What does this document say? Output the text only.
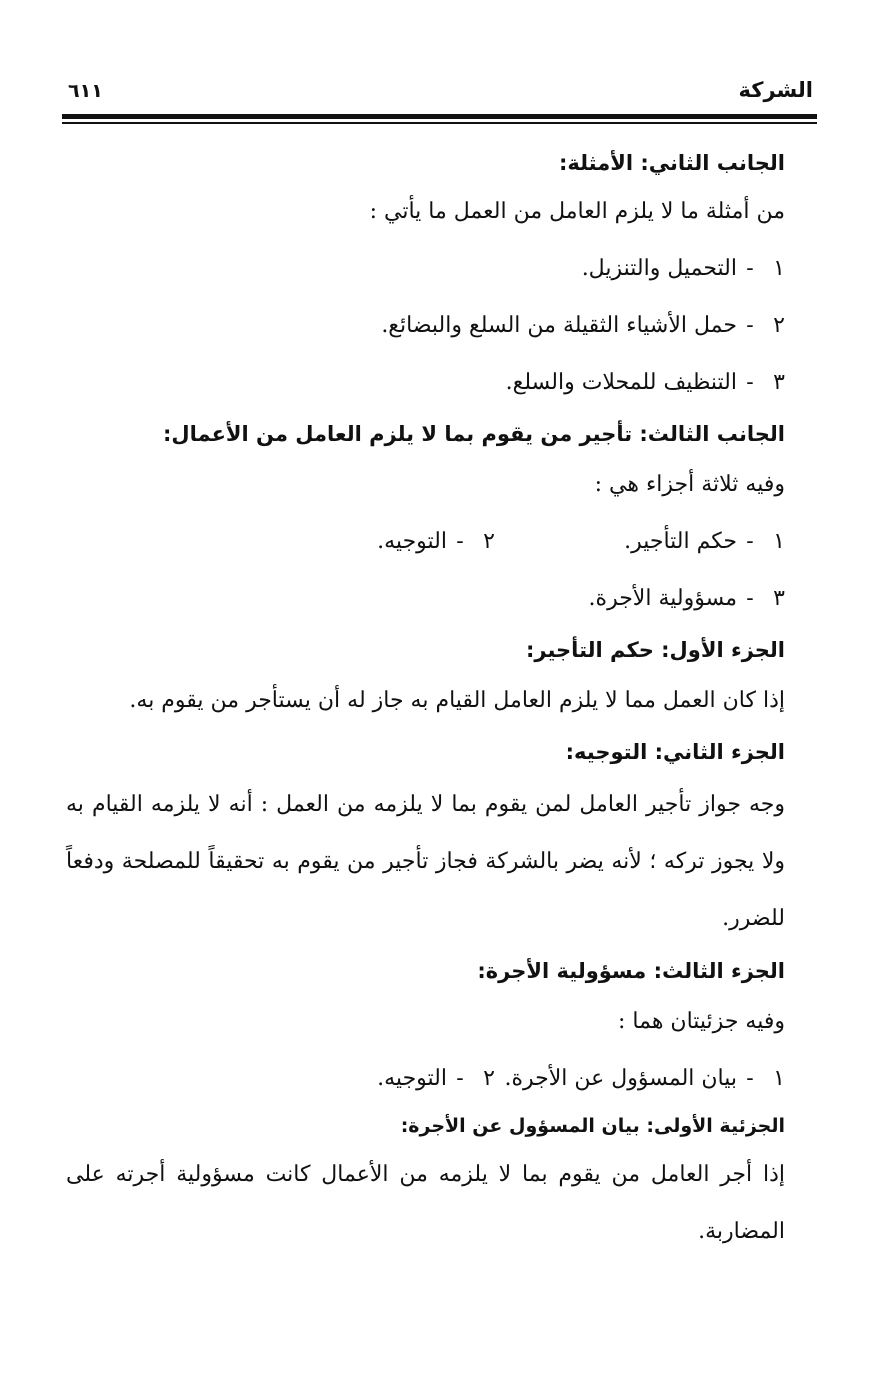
الشركة
٦١١

الجانب الثاني: الأمثلة:

من أمثلة ما لا يلزم العامل من العمل ما يأتي :

١-التحميل والتنزيل.

٢-حمل الأشياء الثقيلة من السلع والبضائع.

٣-التنظيف للمحلات والسلع.

الجانب الثالث: تأجير من يقوم بما لا يلزم العامل من الأعمال:

وفيه ثلاثة أجزاء هي :

١-حكم التأجير.

٢-التوجيه.

٣-مسؤولية الأجرة.

الجزء الأول: حكم التأجير:

إذا كان العمل مما لا يلزم العامل القيام به جاز له أن يستأجر من يقوم به.

الجزء الثاني: التوجيه:

وجه جواز تأجير العامل لمن يقوم بما لا يلزمه من العمل : أنه لا يلزمه القيام به ولا يجوز تركه ؛ لأنه يضر بالشركة فجاز تأجير من يقوم به تحقيقاً للمصلحة ودفعاً للضرر.

الجزء الثالث: مسؤولية الأجرة:

وفيه جزئيتان هما :

١-بيان المسؤول عن الأجرة.

٢-التوجيه.

الجزئية الأولى: بيان المسؤول عن الأجرة:

إذا أجر العامل من يقوم بما لا يلزمه من الأعمال كانت مسؤولية أجرته على المضاربة.
